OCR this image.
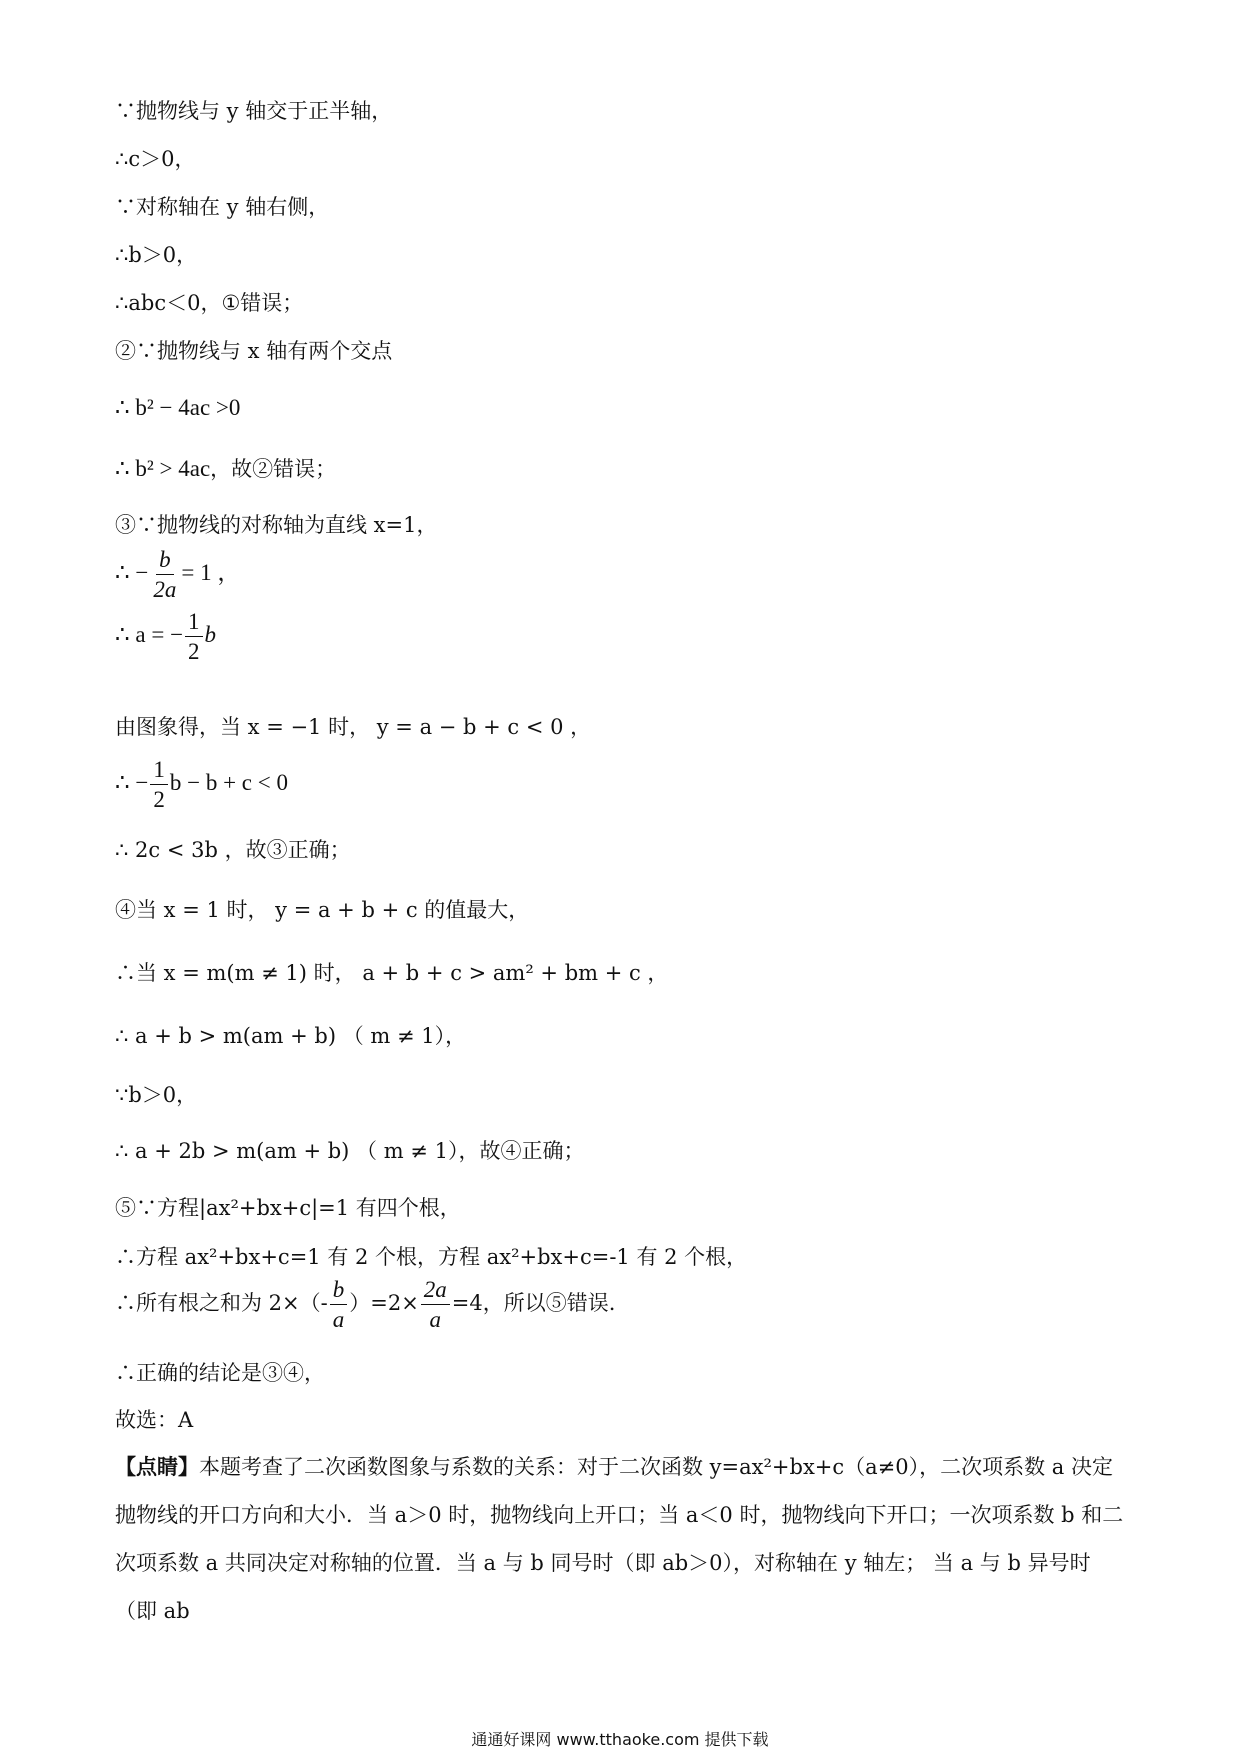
∵抛物线与 y 轴交于正半轴，
∴c＞0，
∵对称轴在 y 轴右侧，
∴b＞0，
∴abc＜0，①错误；
②∵抛物线与 x 轴有两个交点
∴ b² − 4ac >0
∴ b² > 4ac，故②错误；
③∵抛物线的对称轴为直线 x=1，
∴ − $\frac{b}{2a} = 1$ ，
∴ a = − $\frac{1}{2}$ b
由图象得，当 x = −1 时， y = a − b + c < 0 ，
∴ − $\frac{1}{2}$ b − b + c < 0
∴ 2c < 3b ，故③正确；
④当 x = 1 时， y = a + b + c 的值最大，
∴当 x = m(m ≠ 1) 时， a + b + c > am² + bm + c ，
∴ a + b > m(am + b) （ m ≠ 1），
∵b＞0，
∴ a + 2b > m(am + b) （ m ≠ 1），故④正确；
⑤∵方程|ax²+bx+c|=1 有四个根，
∴方程 ax²+bx+c=1 有 2 个根，方程 ax²+bx+c=-1 有 2 个根，
∴所有根之和为 $2\times(- \frac{b}{a} )=2\times \frac{2a}{a} =4$，所以⑤错误.
∴正确的结论是③④，
故选：A
【点睛】本题考查了二次函数图象与系数的关系：对于二次函数 y=ax²+bx+c（a≠0），二次项系数 a 决定抛物线的开口方向和大小．当 a＞0 时，抛物线向上开口；当 a＜0 时，抛物线向下开口；一次项系数 b 和二次项系数 a 共同决定对称轴的位置．当 a 与 b 同号时（即 ab＞0），对称轴在 y 轴左； 当 a 与 b 异号时（即 ab
通通好课网 www.tthaoke.com 提供下载
